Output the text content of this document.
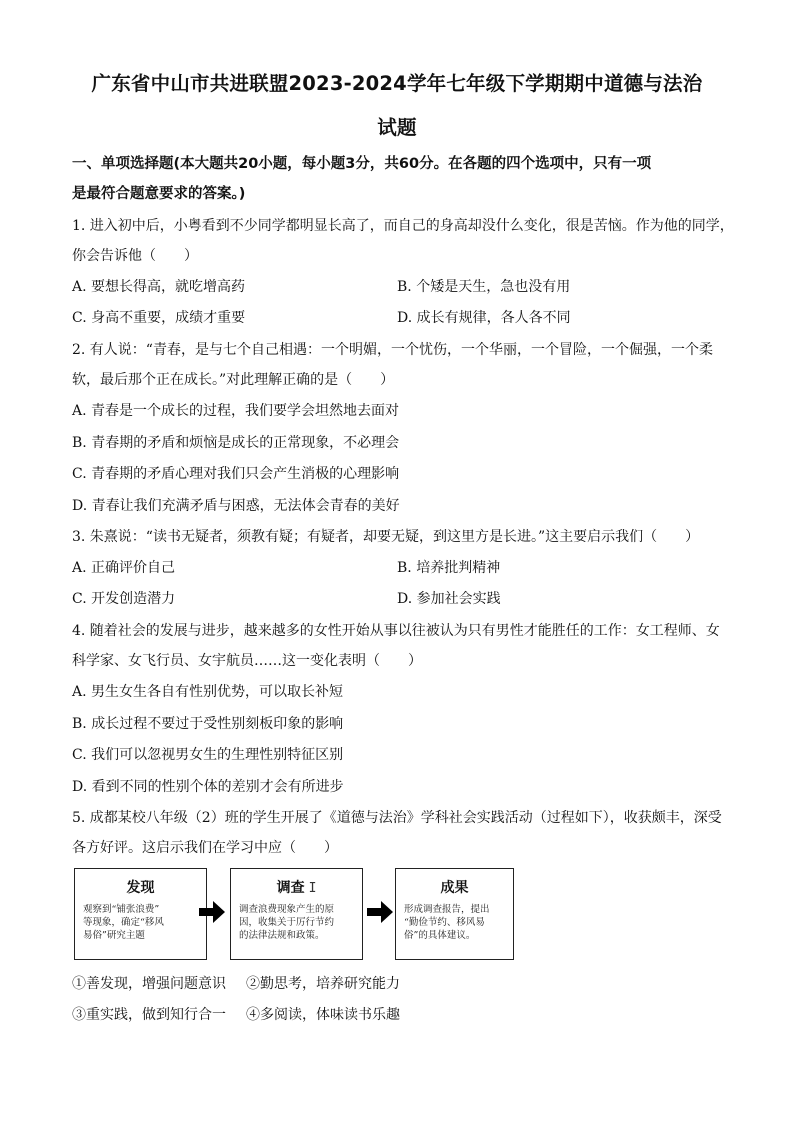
广东省中山市共进联盟2023-2024学年七年级下学期期中道德与法治
试题
一、单项选择题(本大题共20小题，每小题3分，共60分。在各题的四个选项中，只有一项
是最符合题意要求的答案。)
1. 进入初中后，小粤看到不少同学都明显长高了，而自己的身高却没什么变化，很是苦恼。作为他的同学，
你会告诉他（　　）
A. 要想长得高，就吃增高药	B. 个矮是天生，急也没有用
C. 身高不重要，成绩才重要	D. 成长有规律，各人各不同
2. 有人说：“青春，是与七个自己相遇：一个明媚，一个忧伤，一个华丽，一个冒险，一个倔强，一个柔
软，最后那个正在成长。”对此理解正确的是（　　）
A. 青春是一个成长的过程，我们要学会坦然地去面对
B. 青春期的矛盾和烦恼是成长的正常现象，不必理会
C. 青春期的矛盾心理对我们只会产生消极的心理影响
D. 青春让我们充满矛盾与困惑，无法体会青春的美好
3. 朱熹说：“读书无疑者，须教有疑；有疑者，却要无疑，到这里方是长进。”这主要启示我们（　　）
A. 正确评价自己	B. 培养批判精神
C. 开发创造潜力	D. 参加社会实践
4. 随着社会的发展与进步，越来越多的女性开始从事以往被认为只有男性才能胜任的工作：女工程师、女
科学家、女飞行员、女宇航员……这一变化表明（　　）
A. 男生女生各自有性别优势，可以取长补短
B. 成长过程不要过于受性别刻板印象的影响
C. 我们可以忽视男女生的生理性别特征区别
D. 看到不同的性别个体的差别才会有所进步
5. 成都某校八年级（2）班的学生开展了《道德与法治》学科社会实践活动（过程如下），收获颇丰，深受
各方好评。这启示我们在学习中应（　　）
发现
观察到“铺张浪费”
等现象，确定“移风
易俗”研究主题
调查 I
调查浪费现象产生的原
因，收集关于厉行节约
的法律法规和政策。
成果
形成调查报告，提出
“勤俭节约、移风易
俗”的具体建议。
①善发现，增强问题意识 ②勤思考，培养研究能力
③重实践，做到知行合一 ④多阅读，体味读书乐趣
